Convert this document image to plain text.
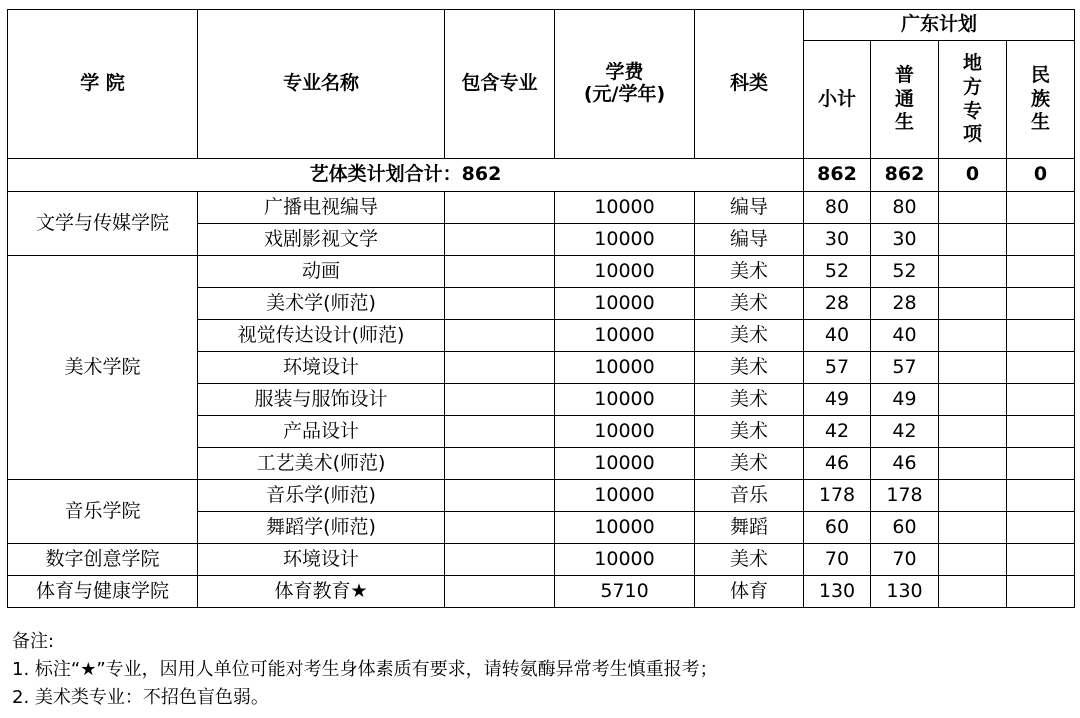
学 院	专业名称	包含专业	学费
(元/学年)	科类	广东计划			
					小计	普通生	地方专项	民族生
艺体类计划合计：862					862	862	0	0
文学与传媒学院	广播电视编导		10000	编导	80	80		
	戏剧影视文学		10000	编导	30	30		
美术学院	动画		10000	美术	52	52		
	美术学(师范)		10000	美术	28	28		
	视觉传达设计(师范)		10000	美术	40	40		
	环境设计		10000	美术	57	57		
	服装与服饰设计		10000	美术	49	49		
	产品设计		10000	美术	42	42		
	工艺美术(师范)		10000	美术	46	46		
音乐学院	音乐学(师范)		10000	音乐	178	178		
	舞蹈学(师范)		10000	舞蹈	60	60		
数字创意学院	环境设计		10000	美术	70	70		
体育与健康学院	体育教育★		5710	体育	130	130		
备注:
1. 标注“★”专业，因用人单位可能对考生身体素质有要求，请转氨酶异常考生慎重报考；
2. 美术类专业：不招色盲色弱。
